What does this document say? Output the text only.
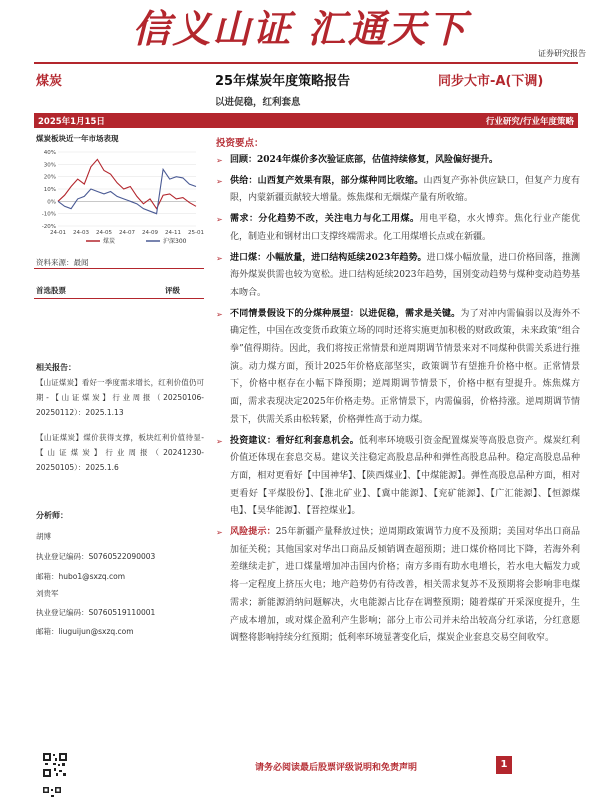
信义山证 汇通天下
证券研究报告
煤炭	25年煤炭年度策略报告	同步大市-A(下调)
以进促稳，红利套息
2025年1月15日	行业研究/行业年度策略
煤炭板块近一年市场表现
40%
30%
20%
10%
0%
-10%
-20%
24-01 24-03 24-05 24-07 24-09 24-11 25-01
煤炭	沪深300
资料来源：最闻
首选股票	评级
相关报告：
【山证煤炭】看好一季度需求增长，红利价值仍可期-【山证煤炭】行业周报（20250106-20250112）：2025.1.13
【山证煤炭】煤价获得支撑，板块红利价值待显-【山证煤炭】行业周报（20241230-20250105）：2025.1.6
分析师：
胡博
执业登记编码：S0760522090003
邮箱：hubo1@sxzq.com
刘贵军
执业登记编码：S0760519110001
邮箱：liuguijun@sxzq.com
投资要点：
➢ 回顾：2024年煤价多次验证底部，估值持续修复，风险偏好提升。
➢ 供给：山西复产效果有限，部分煤种同比收缩。山西复产弥补供应缺口，但复产力度有限，内蒙新疆贡献较大增量。炼焦煤和无烟煤产量有所收缩。
➢ 需求：分化趋势不改，关注电力与化工用煤。用电平稳，水火博弈。焦化行业产能优化，制造业和钢材出口支撑终端需求。化工用煤增长点或在新疆。
➢ 进口煤：小幅放量，进口结构延续2023年趋势。进口煤小幅放量，进口价格回落，推测海外煤炭供需也较为宽松。进口结构延续2023年趋势，国别变动趋势与煤种变动趋势基本吻合。
➢ 不同情景假设下的分煤种展望：以进促稳，需求是关键。为了对冲内需偏弱以及海外不确定性，中国在改变货币政策立场的同时还将实施更加积极的财政政策，未来政策“组合拳”值得期待。因此，我们将按正常情景和逆周期调节情景来对不同煤种供需关系进行推演。动力煤方面，预计2025年价格底部坚实，政策调节有望推升价格中枢。正常情景下，价格中枢存在小幅下降预期；逆周期调节情景下，价格中枢有望提升。炼焦煤方面，需求表现决定2025年价格走势。正常情景下，内需偏弱，价格持涨。逆周期调节情景下，供需关系由松转紧，价格弹性高于动力煤。
➢ 投资建议：看好红利套息机会。低利率环境吸引资金配置煤炭等高股息资产。煤炭红利价值还体现在套息交易。建议关注稳定高股息品种和弹性高股息品种。稳定高股息品种方面，相对更看好【中国神华】、【陕西煤业】、【中煤能源】。弹性高股息品种方面，相对更看好【平煤股份】、【淮北矿业】、【冀中能源】、【兖矿能源】、【广汇能源】、【恒源煤电】、【昊华能源】、【晋控煤业】。
➢ 风险提示：25年新疆产量释放过快；逆周期政策调节力度不及预期；美国对华出口商品加征关税；其他国家对华出口商品反倾销调查超预期；进口煤价格同比下降，若海外利差继续走扩，进口煤量增加冲击国内价格；南方多雨有助水电增长，若水电大幅发力或将一定程度上挤压火电；地产趋势仍有待改善，相关需求复苏不及预期将会影响非电煤需求；新能源消纳问题解决，火电能源占比存在调整预期；随着煤矿开采深度提升，生产成本增加，或对煤企盈利产生影响；部分上市公司并未给出较高分红承诺，分红意愿调整将影响持续分红预期；低利率环境显著变化后，煤炭企业套息交易空间收窄。
请务必阅读最后股票评级说明和免责声明	1
